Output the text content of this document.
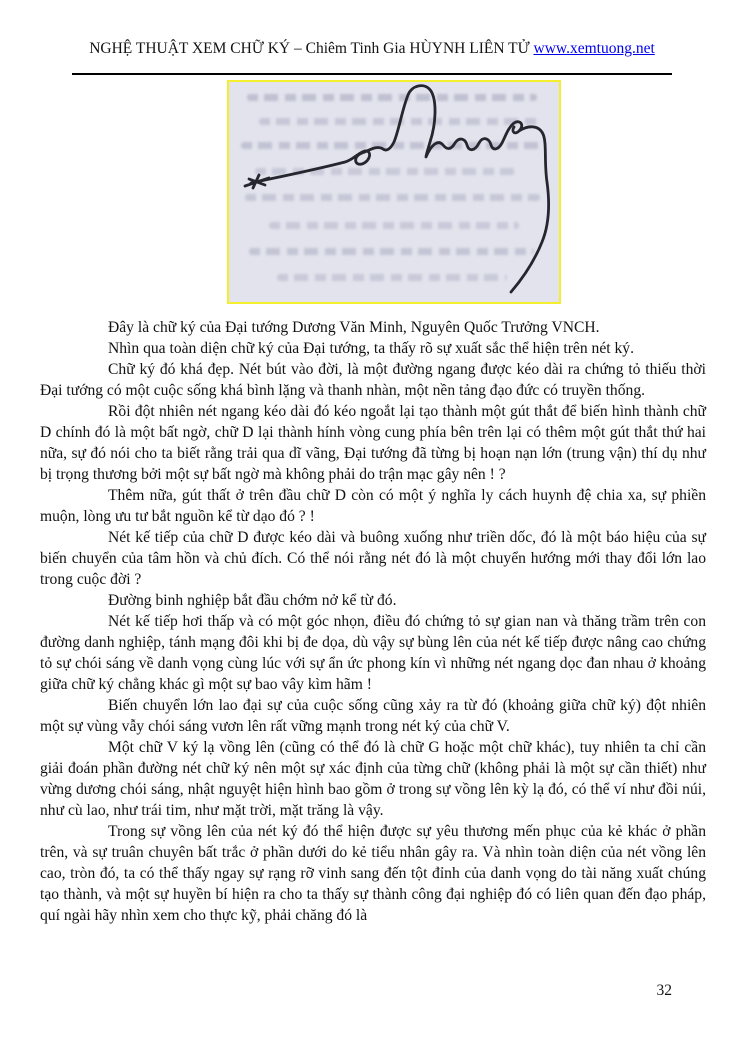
NGHỆ THUẬT XEM CHỮ KÝ – Chiêm Tinh Gia HÙYNH LIÊN TỬ www.xemtuong.net

Đây là chữ ký của Đại tướng Dương Văn Minh, Nguyên Quốc Trưởng VNCH.

Nhìn qua toàn diện chữ ký của Đại tướng, ta thấy rõ sự xuất sắc thể hiện trên nét ký.

Chữ ký đó khá đẹp. Nét bút vào đời, là một đường ngang được kéo dài ra chứng tỏ thiếu thời Đại tướng có một cuộc sống khá bình lặng và thanh nhàn, một nền tảng đạo đức có truyền thống.

Rồi đột nhiên nét ngang kéo dài đó kéo ngoắt lại tạo thành một gút thắt để biến hình thành chữ D chính đó là một bất ngờ, chữ D lại thành hính vòng cung phía bên trên lại có thêm một gút thắt thứ hai nữa, sự đó nói cho ta biết rằng trải qua dĩ vãng, Đại tướng đã từng bị hoạn nạn lớn (trung vận) thí dụ như bị trọng thương bởi một sự bất ngờ mà không phải do trận mạc gây nên ! ?

Thêm nữa, gút thất ở trên đầu chữ D còn có một ý nghĩa ly cách huynh đệ chia xa, sự phiền muộn, lòng ưu tư bắt nguồn kể từ dạo đó ? !

Nét kế tiếp của chữ D được kéo dài và buông xuống như triền dốc, đó là một báo hiệu của sự biến chuyển của tâm hồn và chủ đích. Có thể nói rằng nét đó là một chuyển hướng mới thay đổi lớn lao trong cuộc đời ?

Đường binh nghiệp bắt đầu chớm nở kể từ đó.

Nét kế tiếp hơi thấp và có một góc nhọn, điều đó chứng tỏ sự gian nan và thăng trầm trên con đường danh nghiệp, tánh mạng đôi khi bị đe dọa, dù vậy sự bùng lên của nét kế tiếp được nâng cao chứng tỏ sự chói sáng về danh vọng cùng lúc với sự ẩn ức phong kín vì những nét ngang dọc đan nhau ở khoảng giữa chữ ký chẳng khác gì một sự bao vây kìm hãm !

Biến chuyển lớn lao đại sự của cuộc sống cũng xảy ra từ đó (khoảng giữa chữ ký) đột nhiên một sự vùng vẫy chói sáng vươn lên rất vững mạnh trong nét ký của chữ V.

Một chữ V ký lạ vồng lên (cũng có thể đó là chữ G hoặc một chữ khác), tuy nhiên ta chỉ cần giải đoán phần đường nét chữ ký nên một sự xác định của từng chữ (không phải là một sự cần thiết) như vừng dương chói sáng, nhật nguyệt hiện hình bao gồm ở trong sự vồng lên kỳ lạ đó, có thể ví như đồi núi, như cù lao, như trái tim, như mặt trời, mặt trăng là vậy.

Trong sự vồng lên của nét ký đó thể hiện được sự yêu thương mến phục của kẻ khác ở phần trên, và sự truân chuyên bất trắc ở phần dưới do kẻ tiểu nhân gây ra. Và nhìn toàn diện của nét vồng lên cao, tròn đó, ta có thể thấy ngay sự rạng rỡ vinh sang đến tột đỉnh của danh vọng do tài năng xuất chúng tạo thành, và một sự huyền bí hiện ra cho ta thấy sự thành công đại nghiệp đó có liên quan đến đạo pháp, quí ngài hãy nhìn xem cho thực kỹ, phải chăng đó là

32
